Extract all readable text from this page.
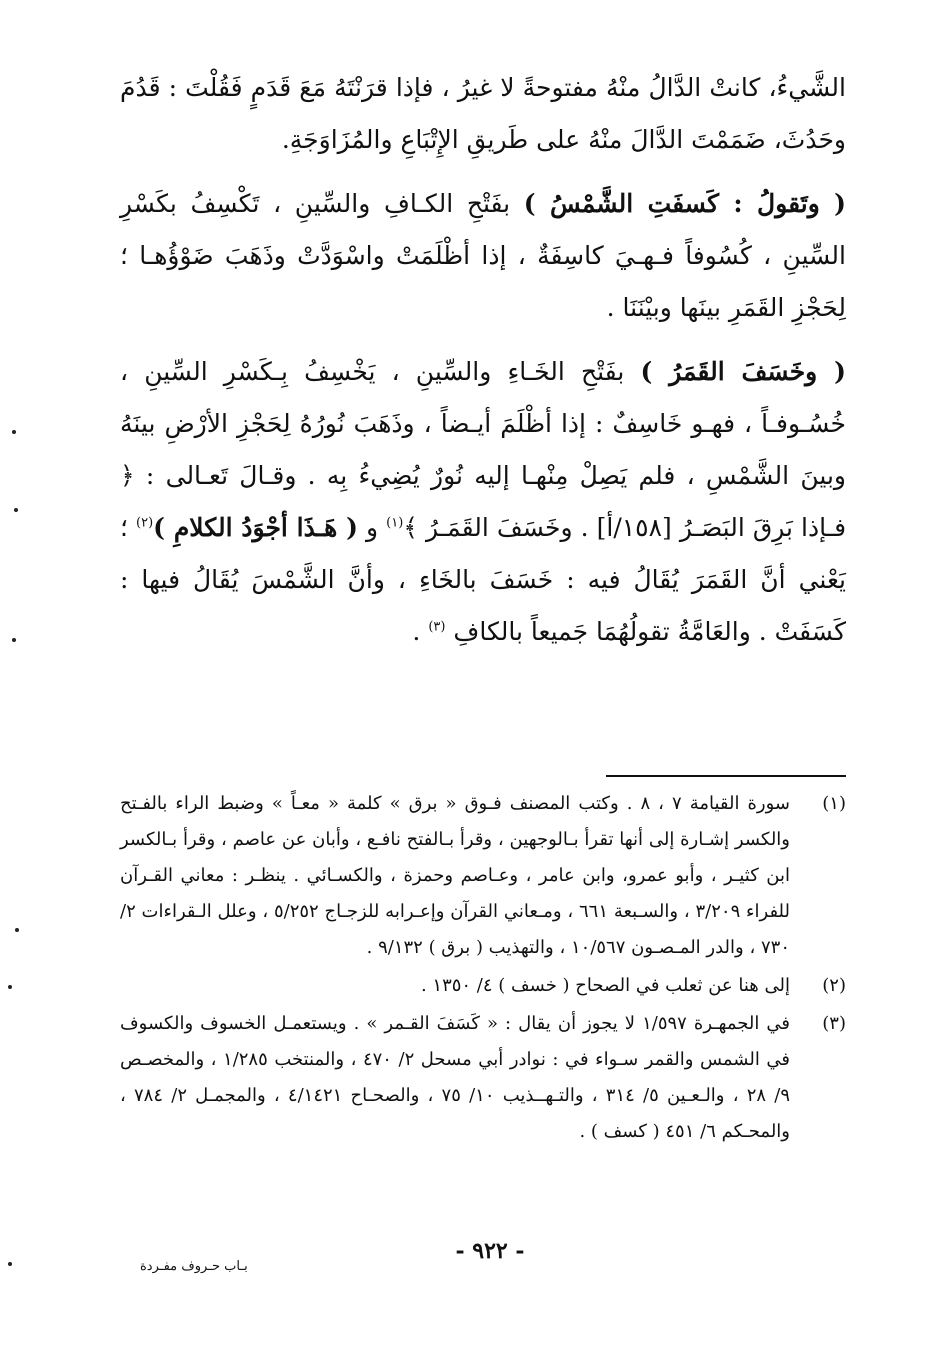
الشَّيءُ، كانتْ الدَّالُ منْهُ مفتوحةً لا غيرُ ، فإذا قرَنْتَهُ مَعَ قَدَمٍ فَقُلْتَ : قَدُمَ وحَدُثَ، ضَمَمْتَ الدَّالَ منْهُ على طَريقِ الإِتْبَاعِ والمُزَاوَجَةِ.

( وتَقولُ : كَسفَتِ الشَّمْسُ ) بفَتْحِ الكـافِ والسِّينِ ، تَكْسِفُ بكَسْرِ السِّينِ ، كُسُوفاً فـهـيَ كاسِفَةٌ ، إذا أظْلَمَتْ واسْوَدَّتْ وذَهَبَ ضَوْؤُهـا ؛ لِحَجْزِ القَمَرِ بينَها وبيْنَنَا .

( وخَسَفَ القَمَرُ ) بفَتْحِ الخَـاءِ والسِّينِ ، يَخْسِفُ بِـكَسْرِ السِّينِ ، خُسُـوفـاً ، فهـو خَاسِفٌ : إذا أظْلَمَ أيـضاً ، وذَهَبَ نُورُهُ لِحَجْزِ الأرْضِ بينَهُ وبينَ الشَّمْسِ ، فلم يَصِلْ مِنْهـا إليه نُورٌ يُضِيءُ بِه . وقـالَ تَعـالى : ﴿ فـإذا بَرِقَ البَصَـرُ [١٥٨/أ] . وخَسَفَ القَمَـرُ ﴾$^{(١)}$ و ( هَـذَا أجْوَدُ الكلامِ )$^{(٢)}$ ؛ يَعْني أنَّ القَمَرَ يُقَالُ فيه : خَسَفَ بالخَاءِ ، وأنَّ الشَّمْسَ يُقَالُ فيها : كَسَفَتْ . والعَامَّةُ تقولُهُمَا جَميعاً بالكافِ $^{(٣)}$ .

(١)
سورة القيامة ٧ ، ٨ . وكتب المصنف فـوق « برق » كلمة « معـاً » وضبط الراء بالفـتح والكسر إشـارة إلى أنها تقرأ بـالوجهين ، وقرأ بـالفتح نافـع ، وأبان عن عاصم ، وقرأ بـالكسر ابن كثيـر ، وأبو عمرو، وابن عامر ، وعـاصم وحمزة ، والكسـائي . ينظـر : معاني القـرآن للفراء ٣/٢٠٩ ، والسـبعة ٦٦١ ، ومـعاني القرآن وإعـرابه للزجـاج ٥/٢٥٢ ، وعلل الـقراءات ٢/ ٧٣٠ ، والدر المـصـون ١٠/٥٦٧ ، والتهذيب ( برق ) ٩/١٣٢ .
(٢)
إلى هنا عن ثعلب في الصحاح ( خسف ) ٤/ ١٣٥٠ .
(٣)
في الجمهـرة ١/٥٩٧ لا يجوز أن يقال : « كَسَفَ القـمر » . ويستعمـل الخسوف والكسوف في الشمس والقمر سـواء في : نوادر أبي مسحل ٢/ ٤٧٠ ، والمنتخب ١/٢٨٥ ، والمخصـص ٩/ ٢٨ ، والـعـين ٥/ ٣١٤ ، والتـهــذيب ١٠/ ٧٥ ، والصحـاح ٤/١٤٢١ ، والمجمـل ٢/ ٧٨٤ ، والمحـكم ٦/ ٤٥١ ( كسف ) .
- ٩٢٢ -
بـاب حـروف مفـردة
